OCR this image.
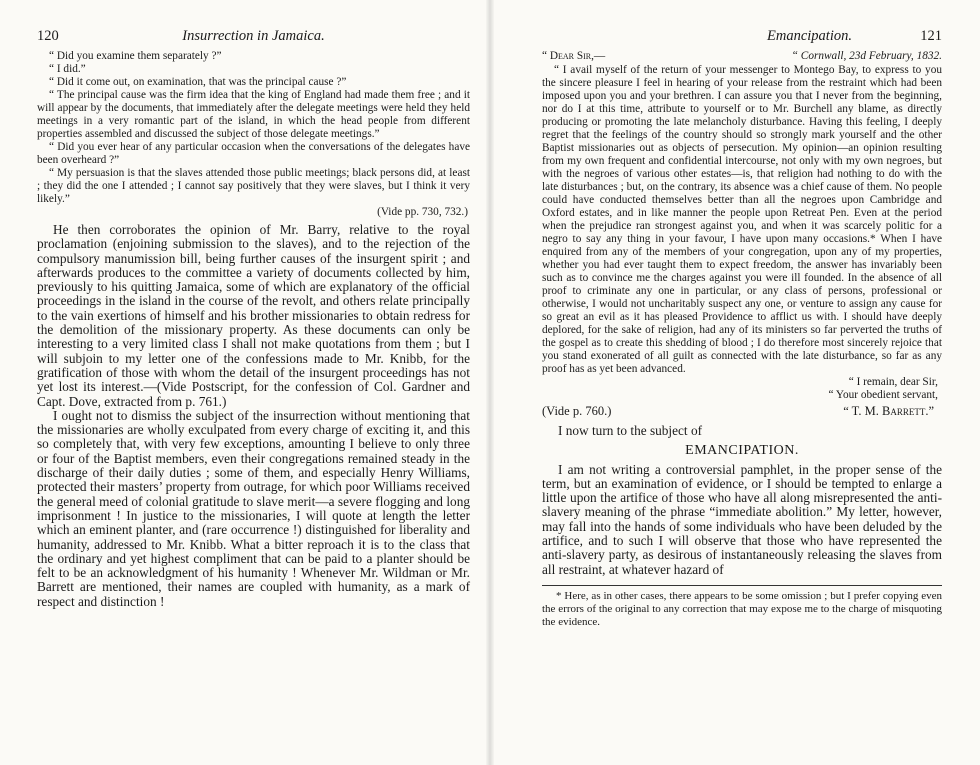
120	Insurrection in Jamaica.

“ Did you examine them separately ?”

“ I did.”

“ Did it come out, on examination, that was the principal cause ?”

“ The principal cause was the firm idea that the king of England had made them free ; and it will appear by the documents, that immediately after the delegate meetings were held they held meetings in a very romantic part of the island, in which the head people from different properties assembled and discussed the subject of those delegate meetings.”

“ Did you ever hear of any particular occasion when the conversations of the delegates have been overheard ?”

“ My persuasion is that the slaves attended those public meetings; black persons did, at least ; they did the one I attended ; I cannot say positively that they were slaves, but I think it very likely.”

(Vide pp. 730, 732.)

He then corroborates the opinion of Mr. Barry, relative to the royal proclamation (enjoining submission to the slaves), and to the rejection of the compulsory manumission bill, being further causes of the insurgent spirit ; and afterwards produces to the committee a variety of documents collected by him, previously to his quitting Jamaica, some of which are explanatory of the official proceedings in the island in the course of the revolt, and others relate principally to the vain exertions of himself and his brother missionaries to obtain redress for the demolition of the missionary property. As these documents can only be interesting to a very limited class I shall not make quotations from them ; but I will subjoin to my letter one of the confessions made to Mr. Knibb, for the gratification of those with whom the detail of the insurgent proceedings has not yet lost its interest.—(Vide Postscript, for the confession of Col. Gardner and Capt. Dove, extracted from p. 761.)

I ought not to dismiss the subject of the insurrection without mentioning that the missionaries are wholly exculpated from every charge of exciting it, and this so completely that, with very few exceptions, amounting I believe to only three or four of the Baptist members, even their congregations remained steady in the discharge of their daily duties ; some of them, and especially Henry Williams, protected their masters’ property from outrage, for which poor Williams received the general meed of colonial gratitude to slave merit—a severe flogging and long imprisonment ! In justice to the missionaries, I will quote at length the letter which an eminent planter, and (rare occurrence !) distinguished for liberality and humanity, addressed to Mr. Knibb. What a bitter reproach it is to the class that the ordinary and yet highest compliment that can be paid to a planter should be felt to be an acknowledgment of his humanity ! Whenever Mr. Wildman or Mr. Barrett are mentioned, their names are coupled with humanity, as a mark of respect and distinction !

Emancipation.	121
“ Dear Sir,—	“ Cornwall, 23d February, 1832.

“ I avail myself of the return of your messenger to Montego Bay, to express to you the sincere pleasure I feel in hearing of your release from the restraint which had been imposed upon you and your brethren. I can assure you that I never from the beginning, nor do I at this time, attribute to yourself or to Mr. Burchell any blame, as directly producing or promoting the late melancholy disturbance. Having this feeling, I deeply regret that the feelings of the country should so strongly mark yourself and the other Baptist missionaries out as objects of persecution. My opinion—an opinion resulting from my own frequent and confidential intercourse, not only with my own negroes, but with the negroes of various other estates—is, that religion had nothing to do with the late disturbances ; but, on the contrary, its absence was a chief cause of them. No people could have conducted themselves better than all the negroes upon Cambridge and Oxford estates, and in like manner the people upon Retreat Pen. Even at the period when the prejudice ran strongest against you, and when it was scarcely politic for a negro to say any thing in your favour, I have upon many occasions.* When I have enquired from any of the members of your congregation, upon any of my properties, whether you had ever taught them to expect freedom, the answer has invariably been such as to convince me the charges against you were ill founded. In the absence of all proof to criminate any one in particular, or any class of persons, professional or otherwise, I would not uncharitably suspect any one, or venture to assign any cause for so great an evil as it has pleased Providence to afflict us with. I should have deeply deplored, for the sake of religion, had any of its ministers so far perverted the truths of the gospel as to create this shedding of blood ; I do therefore most sincerely rejoice that you stand exonerated of all guilt as connected with the late disturbance, so far as any proof has as yet been advanced.

“ I remain, dear Sir,

“ Your obedient servant,

(Vide p. 760.)	“ T. M. Barrett.”

I now turn to the subject of

EMANCIPATION.

I am not writing a controversial pamphlet, in the proper sense of the term, but an examination of evidence, or I should be tempted to enlarge a little upon the artifice of those who have all along misrepresented the anti-slavery meaning of the phrase “immediate abolition.” My letter, however, may fall into the hands of some individuals who have been deluded by the artifice, and to such I will observe that those who have represented the anti-slavery party, as desirous of instantaneously releasing the slaves from all restraint, at whatever hazard of

* Here, as in other cases, there appears to be some omission ; but I prefer copying even the errors of the original to any correction that may expose me to the charge of misquoting the evidence.
